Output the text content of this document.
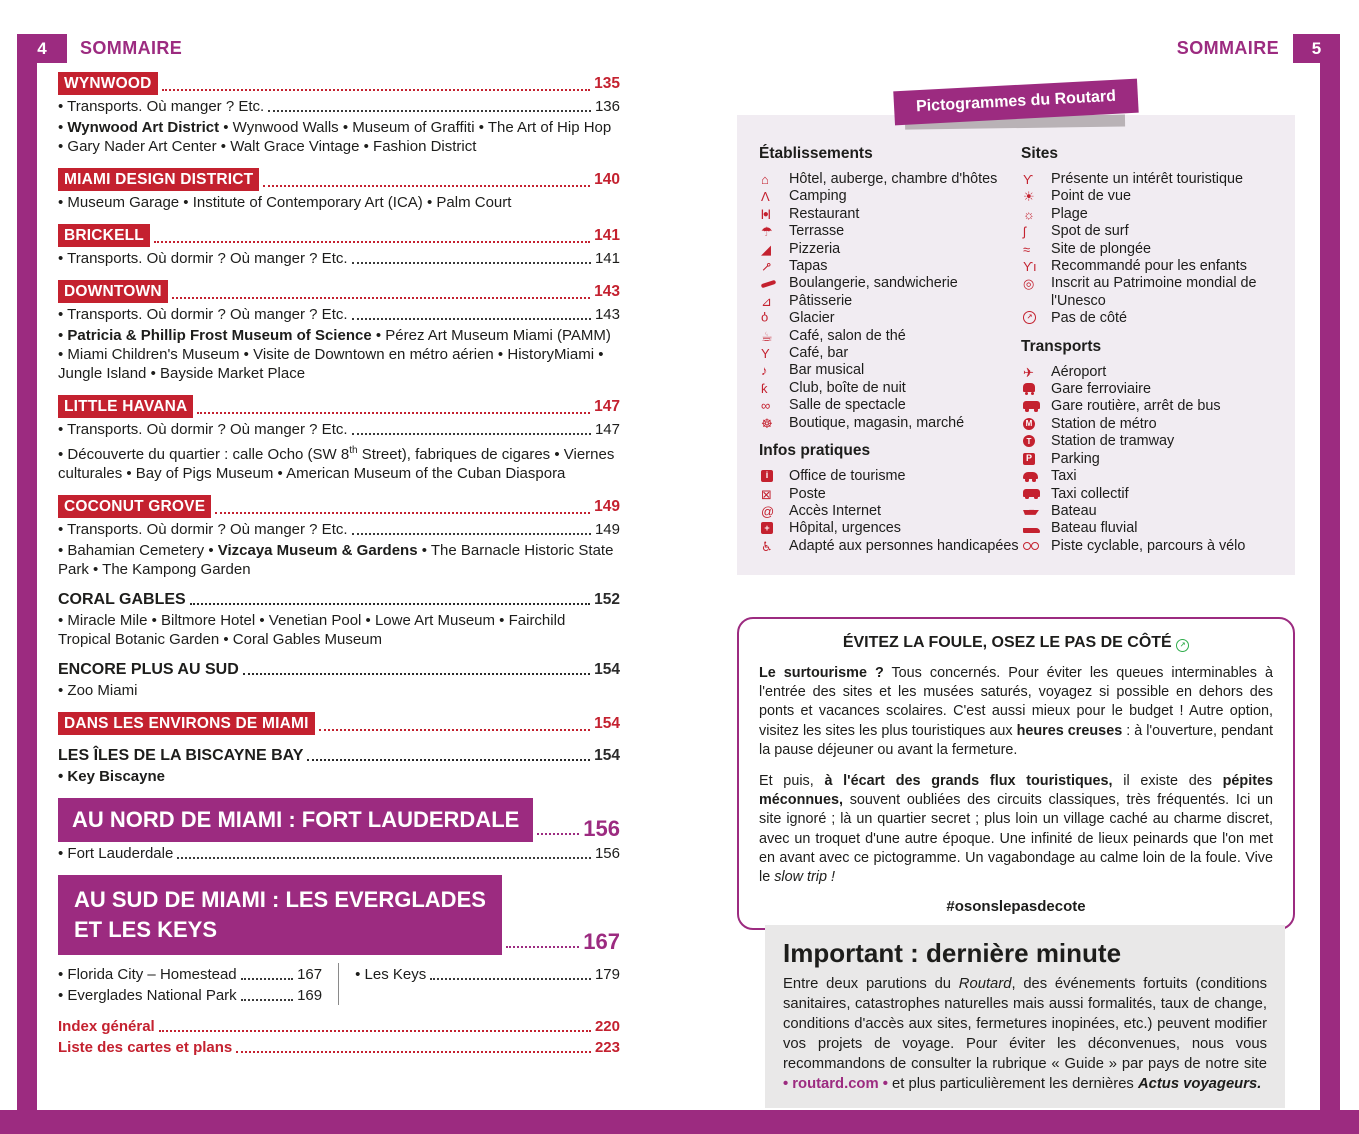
4	SOMMAIRE	5
SOMMAIRE
WYNWOOD	135
• Transports. Où manger ? Etc.	136
• Wynwood Art District • Wynwood Walls • Museum of Graffiti • The Art of Hip Hop • Gary Nader Art Center • Walt Grace Vintage • Fashion District
MIAMI DESIGN DISTRICT	140
• Museum Garage • Institute of Contemporary Art (ICA) • Palm Court
BRICKELL	141
• Transports. Où dormir ? Où manger ? Etc.	141
DOWNTOWN	143
• Transports. Où dormir ? Où manger ? Etc.	143
• Patricia & Phillip Frost Museum of Science • Pérez Art Museum Miami (PAMM) • Miami Children's Museum • Visite de Downtown en métro aérien • HistoryMiami • Jungle Island • Bayside Market Place
LITTLE HAVANA	147
• Transports. Où dormir ? Où manger ? Etc.	147
• Découverte du quartier : calle Ocho (SW 8th Street), fabriques de cigares • Viernes culturales • Bay of Pigs Museum • American Museum of the Cuban Diaspora
COCONUT GROVE	149
• Transports. Où dormir ? Où manger ? Etc.	149
• Bahamian Cemetery • Vizcaya Museum & Gardens • The Barnacle Historic State Park • The Kampong Garden
CORAL GABLES	152
• Miracle Mile • Biltmore Hotel • Venetian Pool • Lowe Art Museum • Fairchild Tropical Botanic Garden • Coral Gables Museum
ENCORE PLUS AU SUD	154
• Zoo Miami
DANS LES ENVIRONS DE MIAMI	154
LES ÎLES DE LA BISCAYNE BAY	154
• Key Biscayne
AU NORD DE MIAMI : FORT LAUDERDALE	156
• Fort Lauderdale	156
AU SUD DE MIAMI : LES EVERGLADES
ET LES KEYS	167
• Florida City – Homestead	167
• Everglades National Park	169
• Les Keys	179
Index général	220
Liste des cartes et plans	223
Pictogrammes du Routard
Établissements
⌂	Hôtel, auberge, chambre d'hôtes
Λ	Camping
|●| Restaurant
☂	Terrasse
◢	Pizzeria
⊸ Tapas
Boulangerie, sandwicherie
⊿	Pâtisserie
ϙ Glacier
☕	Café, salon de thé
Y	Café, bar
♪	Bar musical
ƙ	Club, boîte de nuit
∞	Salle de spectacle
☸	Boutique, magasin, marché
Infos pratiques
i	Office de tourisme
⊠	Poste
@	Accès Internet
+ Hôpital, urgences
♿	Adapté aux personnes handicapées
Sites
ϒ	Présente un intérêt touristique
☀	Point de vue
☼	Plage
ʃ	Spot de surf
≈	Site de plongée
ϒı Recommandé pour les enfants
◎	Inscrit au Patrimoine mondial de l'Unesco
↗ Pas de côté
Transports
✈	Aéroport
Gare ferroviaire
Gare routière, arrêt de bus
M Station de métro
T Station de tramway
P Parking
Taxi
Taxi collectif
Bateau
Bateau fluvial
Piste cyclable, parcours à vélo
ÉVITEZ LA FOULE, OSEZ LE PAS DE CÔTÉ ↗

Le surtourisme ? Tous concernés. Pour éviter les queues interminables à l'entrée des sites et les musées saturés, voyagez si possible en dehors des ponts et vacances scolaires. C'est aussi mieux pour le budget ! Autre option, visitez les sites les plus touristiques aux heures creuses : à l'ouverture, pendant la pause déjeuner ou avant la fermeture.

Et puis, à l'écart des grands flux touristiques, il existe des pépites méconnues, souvent oubliées des circuits classiques, très fréquentés. Ici un site ignoré ; là un quartier secret ; plus loin un village caché au charme discret, avec un troquet d'une autre époque. Une infinité de lieux peinards que l'on met en avant avec ce pictogramme. Un vagabondage au calme loin de la foule. Vive le slow trip !

#osonslepasdecote
Important : dernière minute
Entre deux parutions du Routard, des événements fortuits (conditions sanitaires, catastrophes naturelles mais aussi formalités, taux de change, conditions d'accès aux sites, fermetures inopinées, etc.) peuvent modifier vos projets de voyage. Pour éviter les déconvenues, nous vous recommandons de consulter la rubrique « Guide » par pays de notre site • routard.com • et plus particulièrement les dernières Actus voyageurs.
